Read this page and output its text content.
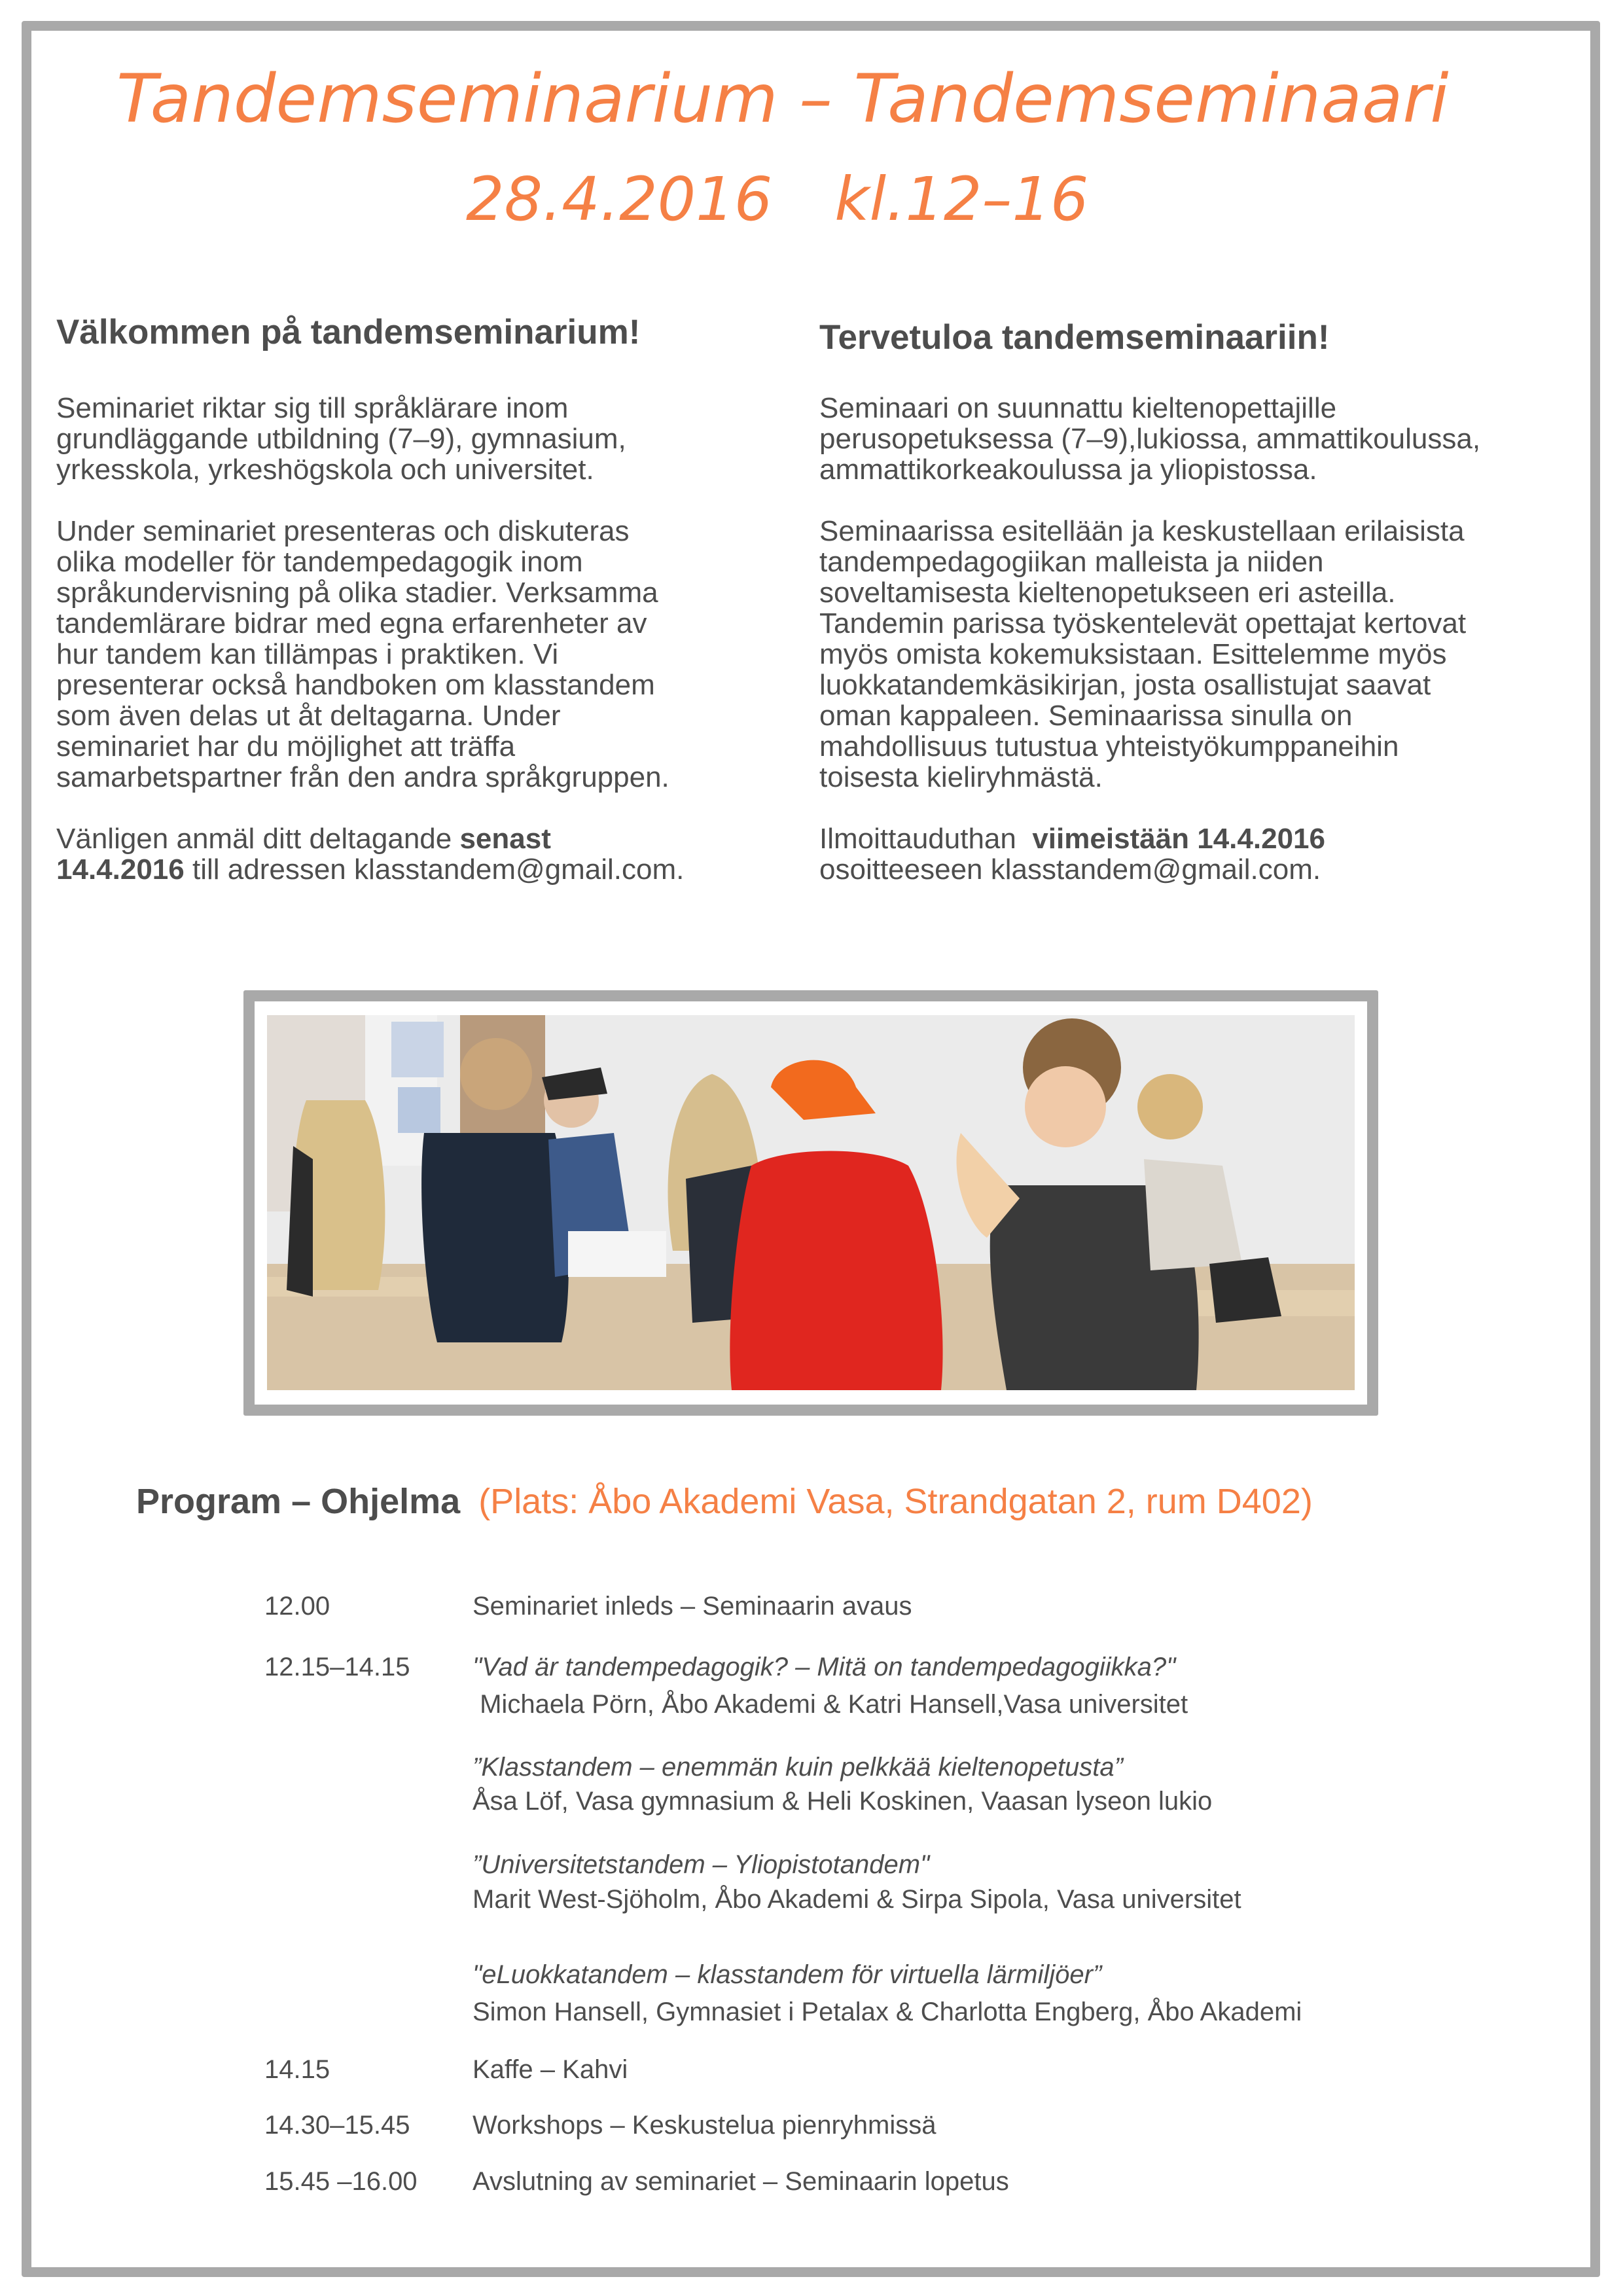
Tandemseminarium – Tandemseminaari
28.4.2016 kl.12–16
Välkommen på tandemseminarium!	Tervetuloa tandemseminaariin!

Seminariet riktar sig till språklärare inom
grundläggande utbildning (7–9), gymnasium,
yrkesskola, yrkeshögskola och universitet.

Under seminariet presenteras och diskuteras
olika modeller för tandempedagogik inom
språkundervisning på olika stadier. Verksamma
tandemlärare bidrar med egna erfarenheter av
hur tandem kan tillämpas i praktiken. Vi
presenterar också handboken om klasstandem
som även delas ut åt deltagarna. Under
seminariet har du möjlighet att träffa
samarbetspartner från den andra språkgruppen.

Vänligen anmäl ditt deltagande senast
14.4.2016 till adressen klasstandem@gmail.com.

Seminaari on suunnattu kieltenopettajille
perusopetuksessa (7–9),lukiossa, ammattikoulussa,
ammattikorkeakoulussa ja yliopistossa.

Seminaarissa esitellään ja keskustellaan erilaisista
tandempedagogiikan malleista ja niiden
soveltamisesta kieltenopetukseen eri asteilla.
Tandemin parissa työskentelevät opettajat kertovat
myös omista kokemuksistaan. Esittelemme myös
luokkatandemkäsikirjan, josta osallistujat saavat
oman kappaleen. Seminaarissa sinulla on
mahdollisuus tutustua yhteistyökumppaneihin
toisesta kieliryhmästä.

Ilmoittauduthan  viimeistään 14.4.2016
osoitteeseen klasstandem@gmail.com.

Program – Ohjelma (Plats: Åbo Akademi Vasa, Strandgatan 2, rum D402)
12.00	Seminariet inleds – Seminaarin avaus
12.15–14.15 "Vad är tandempedagogik? – Mitä on tandempedagogiikka?"
Michaela Pörn, Åbo Akademi & Katri Hansell,Vasa universitet
”Klasstandem – enemmän kuin pelkkää kieltenopetusta”
Åsa Löf, Vasa gymnasium & Heli Koskinen, Vaasan lyseon lukio
”Universitetstandem – Yliopistotandem"
Marit West-Sjöholm, Åbo Akademi & Sirpa Sipola, Vasa universitet
"eLuokkatandem – klasstandem för virtuella lärmiljöer”
Simon Hansell, Gymnasiet i Petalax & Charlotta Engberg, Åbo Akademi
14.15	Kaffe – Kahvi
14.30–15.45 Workshops – Keskustelua pienryhmissä
15.45 –16.00 Avslutning av seminariet – Seminaarin lopetus
